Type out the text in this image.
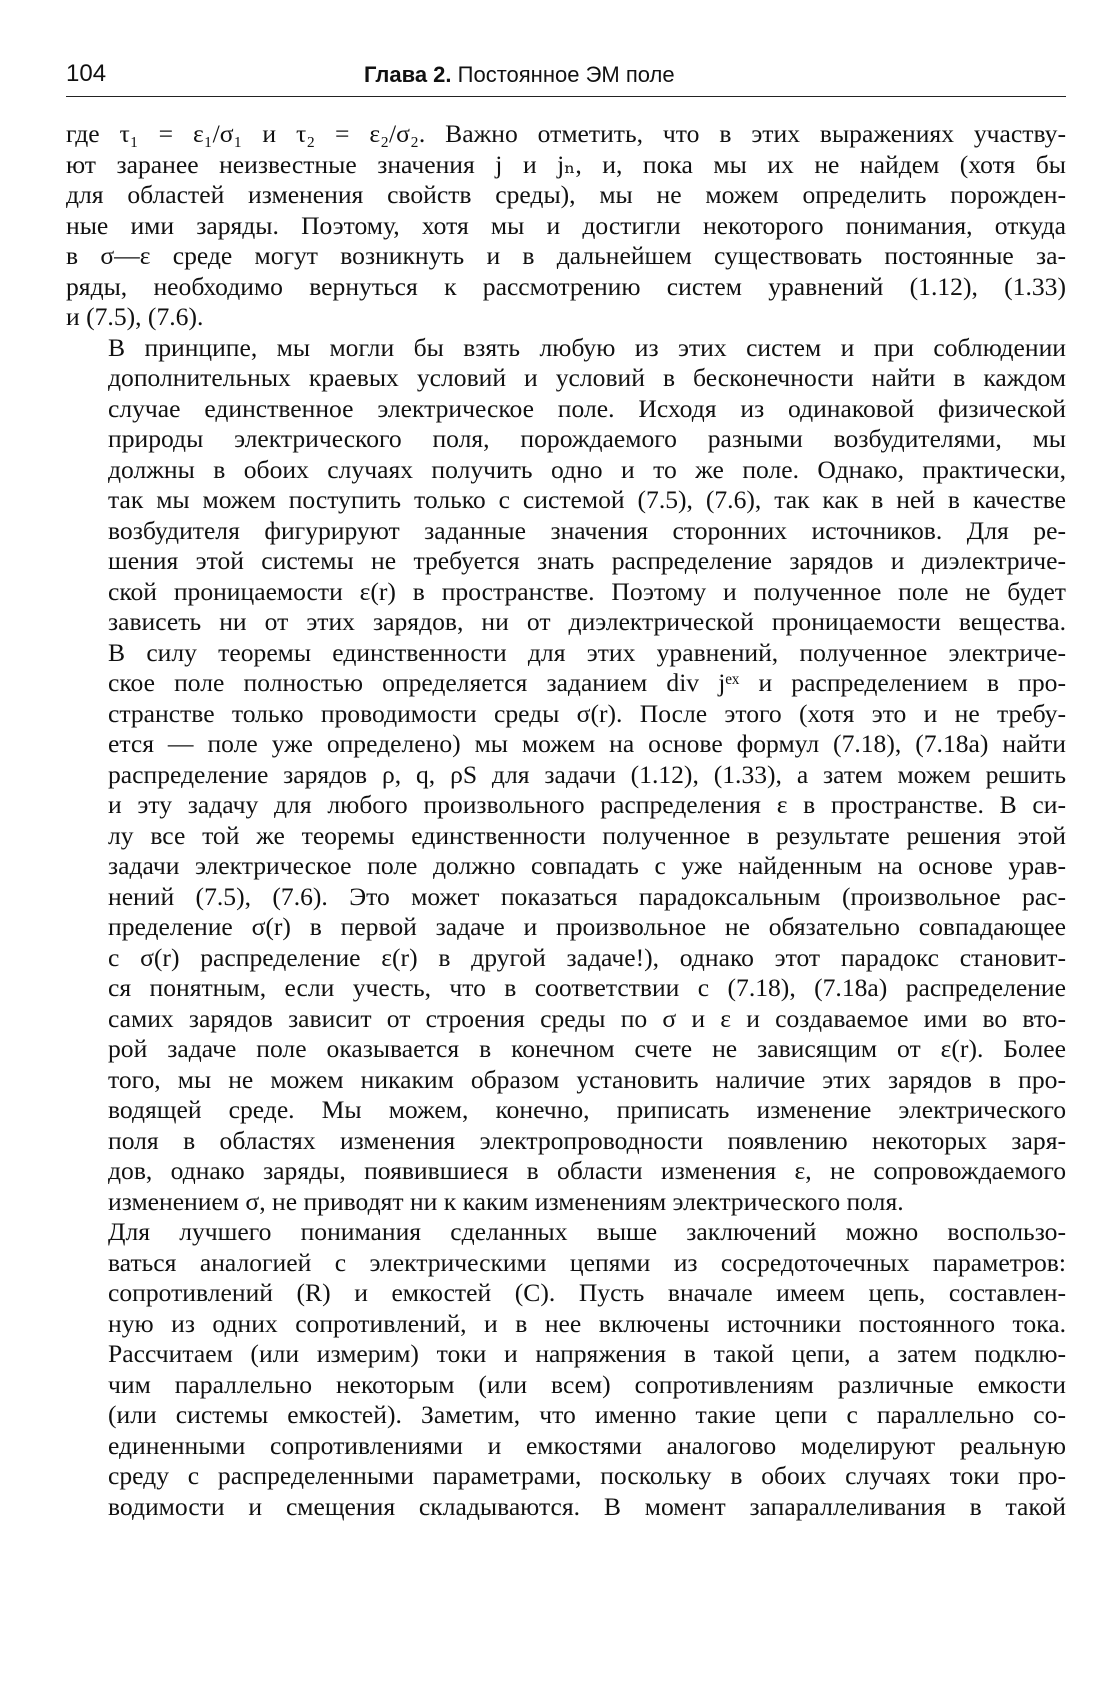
104	Глава 2. Постоянное ЭМ поле

где τ₁ = ε₁/σ₁ и τ₂ = ε₂/σ₂. Важно отметить, что в этих выражениях участву-
ют заранее неизвестные значения j и jₙ, и, пока мы их не найдем (хотя бы
для областей изменения свойств среды), мы не можем определить порожден-
ные ими заряды. Поэтому, хотя мы и достигли некоторого понимания, откуда
в σ—ε среде могут возникнуть и в дальнейшем существовать постоянные за-
ряды, необходимо вернуться к рассмотрению систем уравнений (1.12), (1.33)
и (7.5), (7.6).

В принципе, мы могли бы взять любую из этих систем и при соблюдении
дополнительных краевых условий и условий в бесконечности найти в каждом
случае единственное электрическое поле. Исходя из одинаковой физической
природы электрического поля, порождаемого разными возбудителями, мы
должны в обоих случаях получить одно и то же поле. Однако, практически,
так мы можем поступить только с системой (7.5), (7.6), так как в ней в качестве
возбудителя фигурируют заданные значения сторонних источников. Для ре-
шения этой системы не требуется знать распределение зарядов и диэлектриче-
ской проницаемости ε(r) в пространстве. Поэтому и полученное поле не будет
зависеть ни от этих зарядов, ни от диэлектрической проницаемости вещества.
В силу теоремы единственности для этих уравнений, полученное электриче-
ское поле полностью определяется заданием div jᵉˣ и распределением в про-
странстве только проводимости среды σ(r). После этого (хотя это и не требу-
ется — поле уже определено) мы можем на основе формул (7.18), (7.18a) найти
распределение зарядов ρ, q, ρS для задачи (1.12), (1.33), а затем можем решить
и эту задачу для любого произвольного распределения ε в пространстве. В си-
лу все той же теоремы единственности полученное в результате решения этой
задачи электрическое поле должно совпадать с уже найденным на основе урав-
нений (7.5), (7.6). Это может показаться парадоксальным (произвольное рас-
пределение σ(r) в первой задаче и произвольное не обязательно совпадающее
с σ(r) распределение ε(r) в другой задаче!), однако этот парадокс становит-
ся понятным, если учесть, что в соответствии с (7.18), (7.18a) распределение
самих зарядов зависит от строения среды по σ и ε и создаваемое ими во вто-
рой задаче поле оказывается в конечном счете не зависящим от ε(r). Более
того, мы не можем никаким образом установить наличие этих зарядов в про-
водящей среде. Мы можем, конечно, приписать изменение электрического
поля в областях изменения электропроводности появлению некоторых заря-
дов, однако заряды, появившиеся в области изменения ε, не сопровождаемого
изменением σ, не приводят ни к каким изменениям электрического поля.

Для лучшего понимания сделанных выше заключений можно воспользо-
ваться аналогией с электрическими цепями из сосредоточечных параметров:
сопротивлений (R) и емкостей (C). Пусть вначале имеем цепь, составлен-
ную из одних сопротивлений, и в нее включены источники постоянного тока.
Рассчитаем (или измерим) токи и напряжения в такой цепи, а затем подклю-
чим параллельно некоторым (или всем) сопротивлениям различные емкости
(или системы емкостей). Заметим, что именно такие цепи с параллельно со-
единенными сопротивлениями и емкостями аналогово моделируют реальную
среду с распределенными параметрами, поскольку в обоих случаях токи про-
водимости и смещения складываются. В момент запараллеливания в такой
